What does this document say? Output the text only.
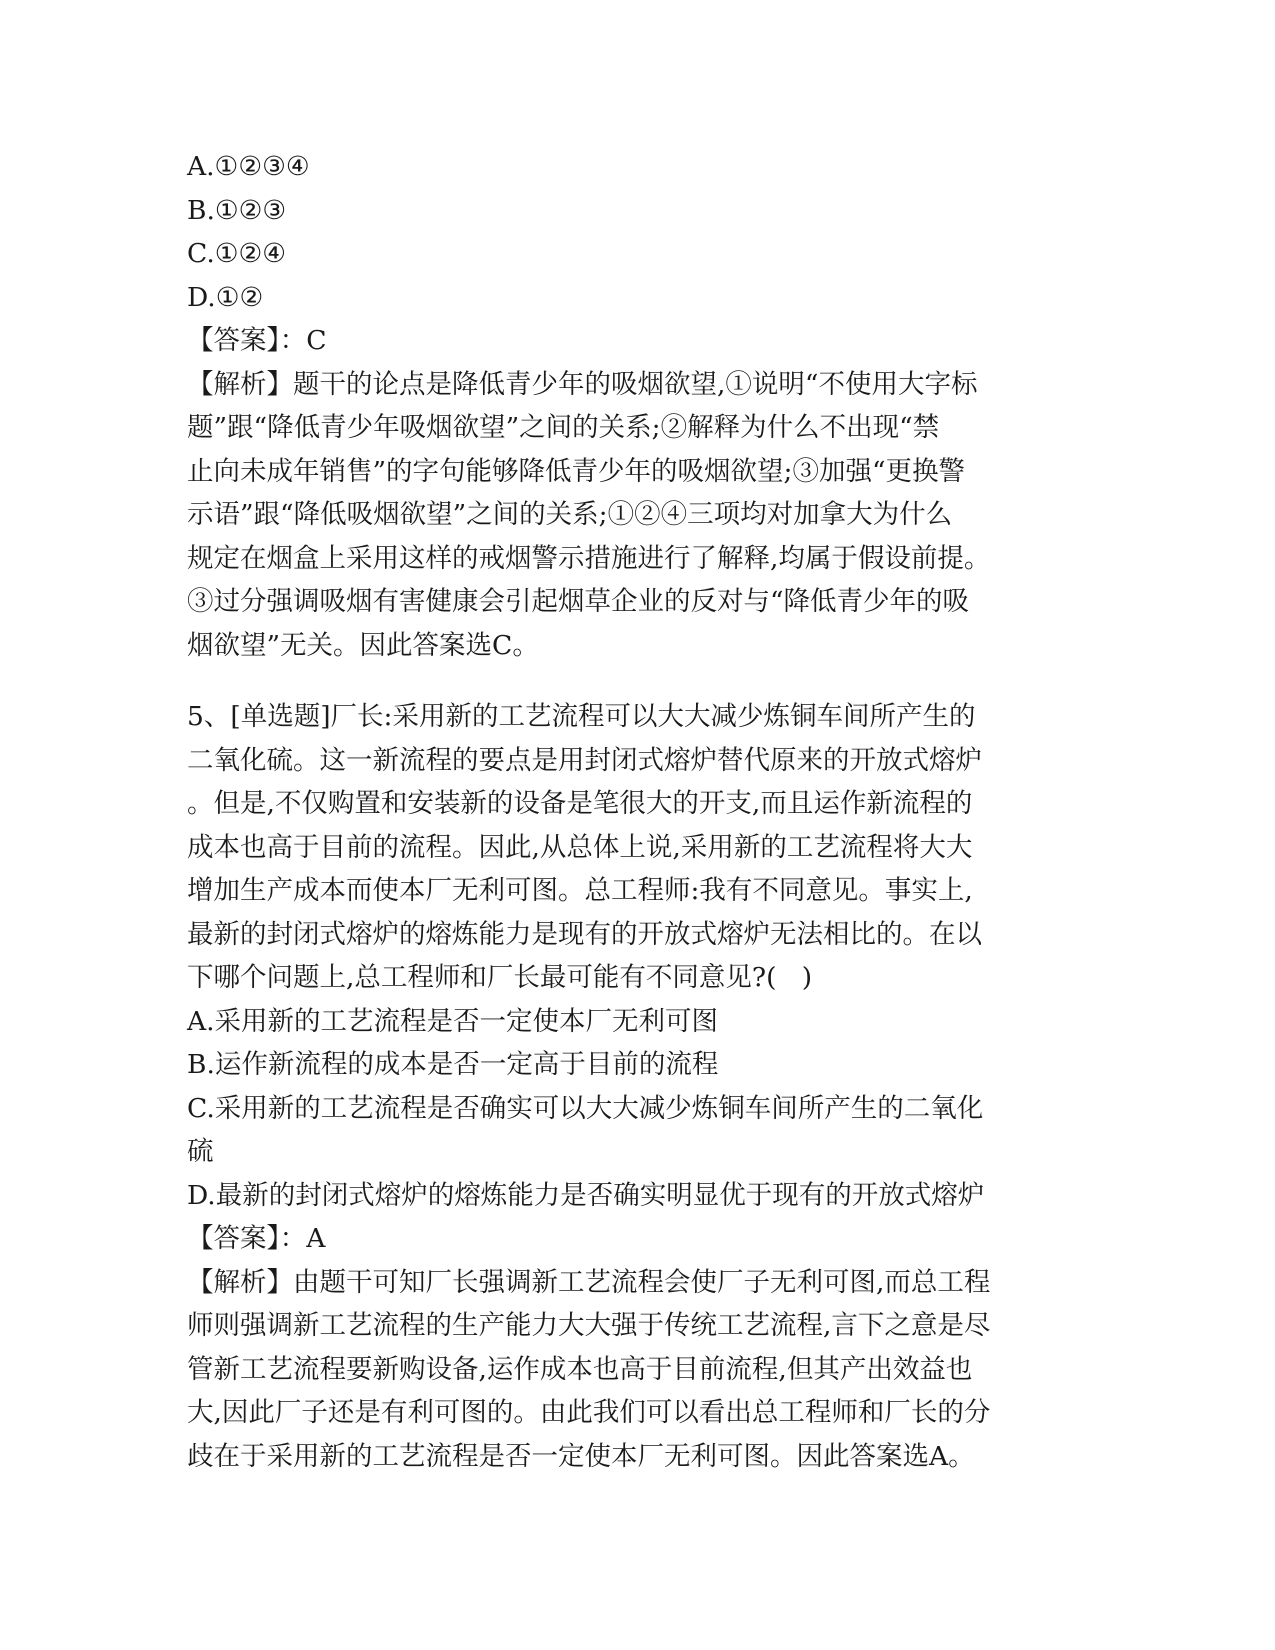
A.①②③④
B.①②③
C.①②④
D.①②
【答案】：C
【解析】题干的论点是降低青少年的吸烟欲望,①说明“不使用大字标
题”跟“降低青少年吸烟欲望”之间的关系;②解释为什么不出现“禁
止向未成年销售”的字句能够降低青少年的吸烟欲望;③加强“更换警
示语”跟“降低吸烟欲望”之间的关系;①②④三项均对加拿大为什么
规定在烟盒上采用这样的戒烟警示措施进行了解释,均属于假设前提。
③过分强调吸烟有害健康会引起烟草企业的反对与“降低青少年的吸
烟欲望”无关。因此答案选C。
5、[单选题]厂长:采用新的工艺流程可以大大减少炼铜车间所产生的
二氧化硫。这一新流程的要点是用封闭式熔炉替代原来的开放式熔炉
。但是,不仅购置和安装新的设备是笔很大的开支,而且运作新流程的
成本也高于目前的流程。因此,从总体上说,采用新的工艺流程将大大
增加生产成本而使本厂无利可图。总工程师:我有不同意见。事实上,
最新的封闭式熔炉的熔炼能力是现有的开放式熔炉无法相比的。在以
下哪个问题上,总工程师和厂长最可能有不同意见?(   )
A.采用新的工艺流程是否一定使本厂无利可图
B.运作新流程的成本是否一定高于目前的流程
C.采用新的工艺流程是否确实可以大大减少炼铜车间所产生的二氧化
硫
D.最新的封闭式熔炉的熔炼能力是否确实明显优于现有的开放式熔炉
【答案】：A
【解析】由题干可知厂长强调新工艺流程会使厂子无利可图,而总工程
师则强调新工艺流程的生产能力大大强于传统工艺流程,言下之意是尽
管新工艺流程要新购设备,运作成本也高于目前流程,但其产出效益也
大,因此厂子还是有利可图的。由此我们可以看出总工程师和厂长的分
歧在于采用新的工艺流程是否一定使本厂无利可图。因此答案选A。
